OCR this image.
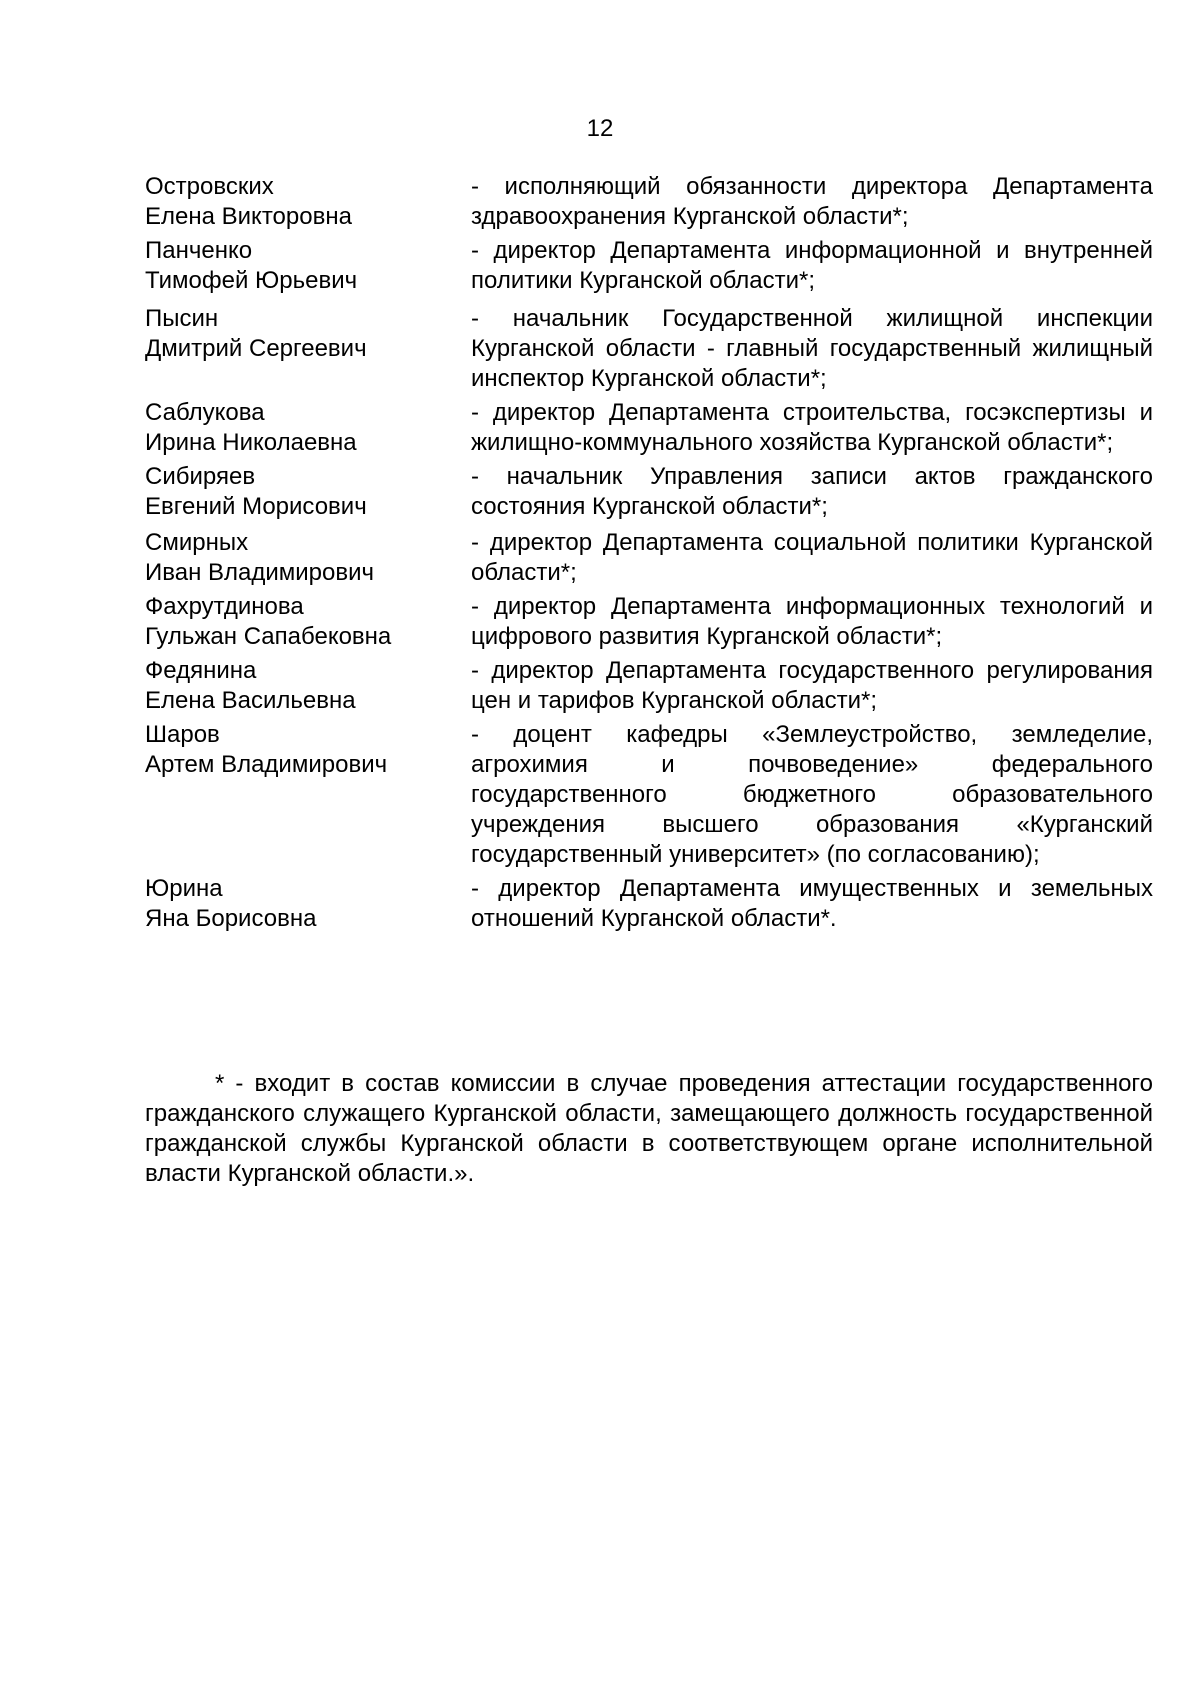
12
Островских
Елена Викторовна
- исполняющий обязанности директора Департамента здравоохранения Курганской области*;
Панченко
Тимофей Юрьевич
- директор Департамента информационной и внутренней политики Курганской области*;
Пысин
Дмитрий Сергеевич
- начальник Государственной жилищной инспекции Курганской области - главный государственный жилищный инспектор Курганской области*;
Саблукова
Ирина Николаевна
- директор Департамента строительства, госэкспертизы и жилищно-коммунального хозяйства Курганской области*;
Сибиряев
Евгений Морисович
- начальник Управления записи актов гражданского состояния Курганской области*;
Смирных
Иван Владимирович
- директор Департамента социальной политики Курганской области*;
Фахрутдинова
Гульжан Сапабековна
- директор Департамента информационных технологий и цифрового развития Курганской области*;
Федянина
Елена Васильевна
- директор Департамента государственного регулирования цен и тарифов Курганской области*;
Шаров
Артем Владимирович
- доцент кафедры «Землеустройство, земледелие, агрохимия и почвоведение» федерального государственного бюджетного образовательного учреждения высшего образования «Курганский государственный университет» (по согласованию);
Юрина
Яна Борисовна
- директор Департамента имущественных и земельных отношений Курганской области*.

* - входит в состав комиссии в случае проведения аттестации государственного гражданского служащего Курганской области, замещающего должность государственной гражданской службы Курганской области в соответствующем органе исполнительной власти Курганской области.».
